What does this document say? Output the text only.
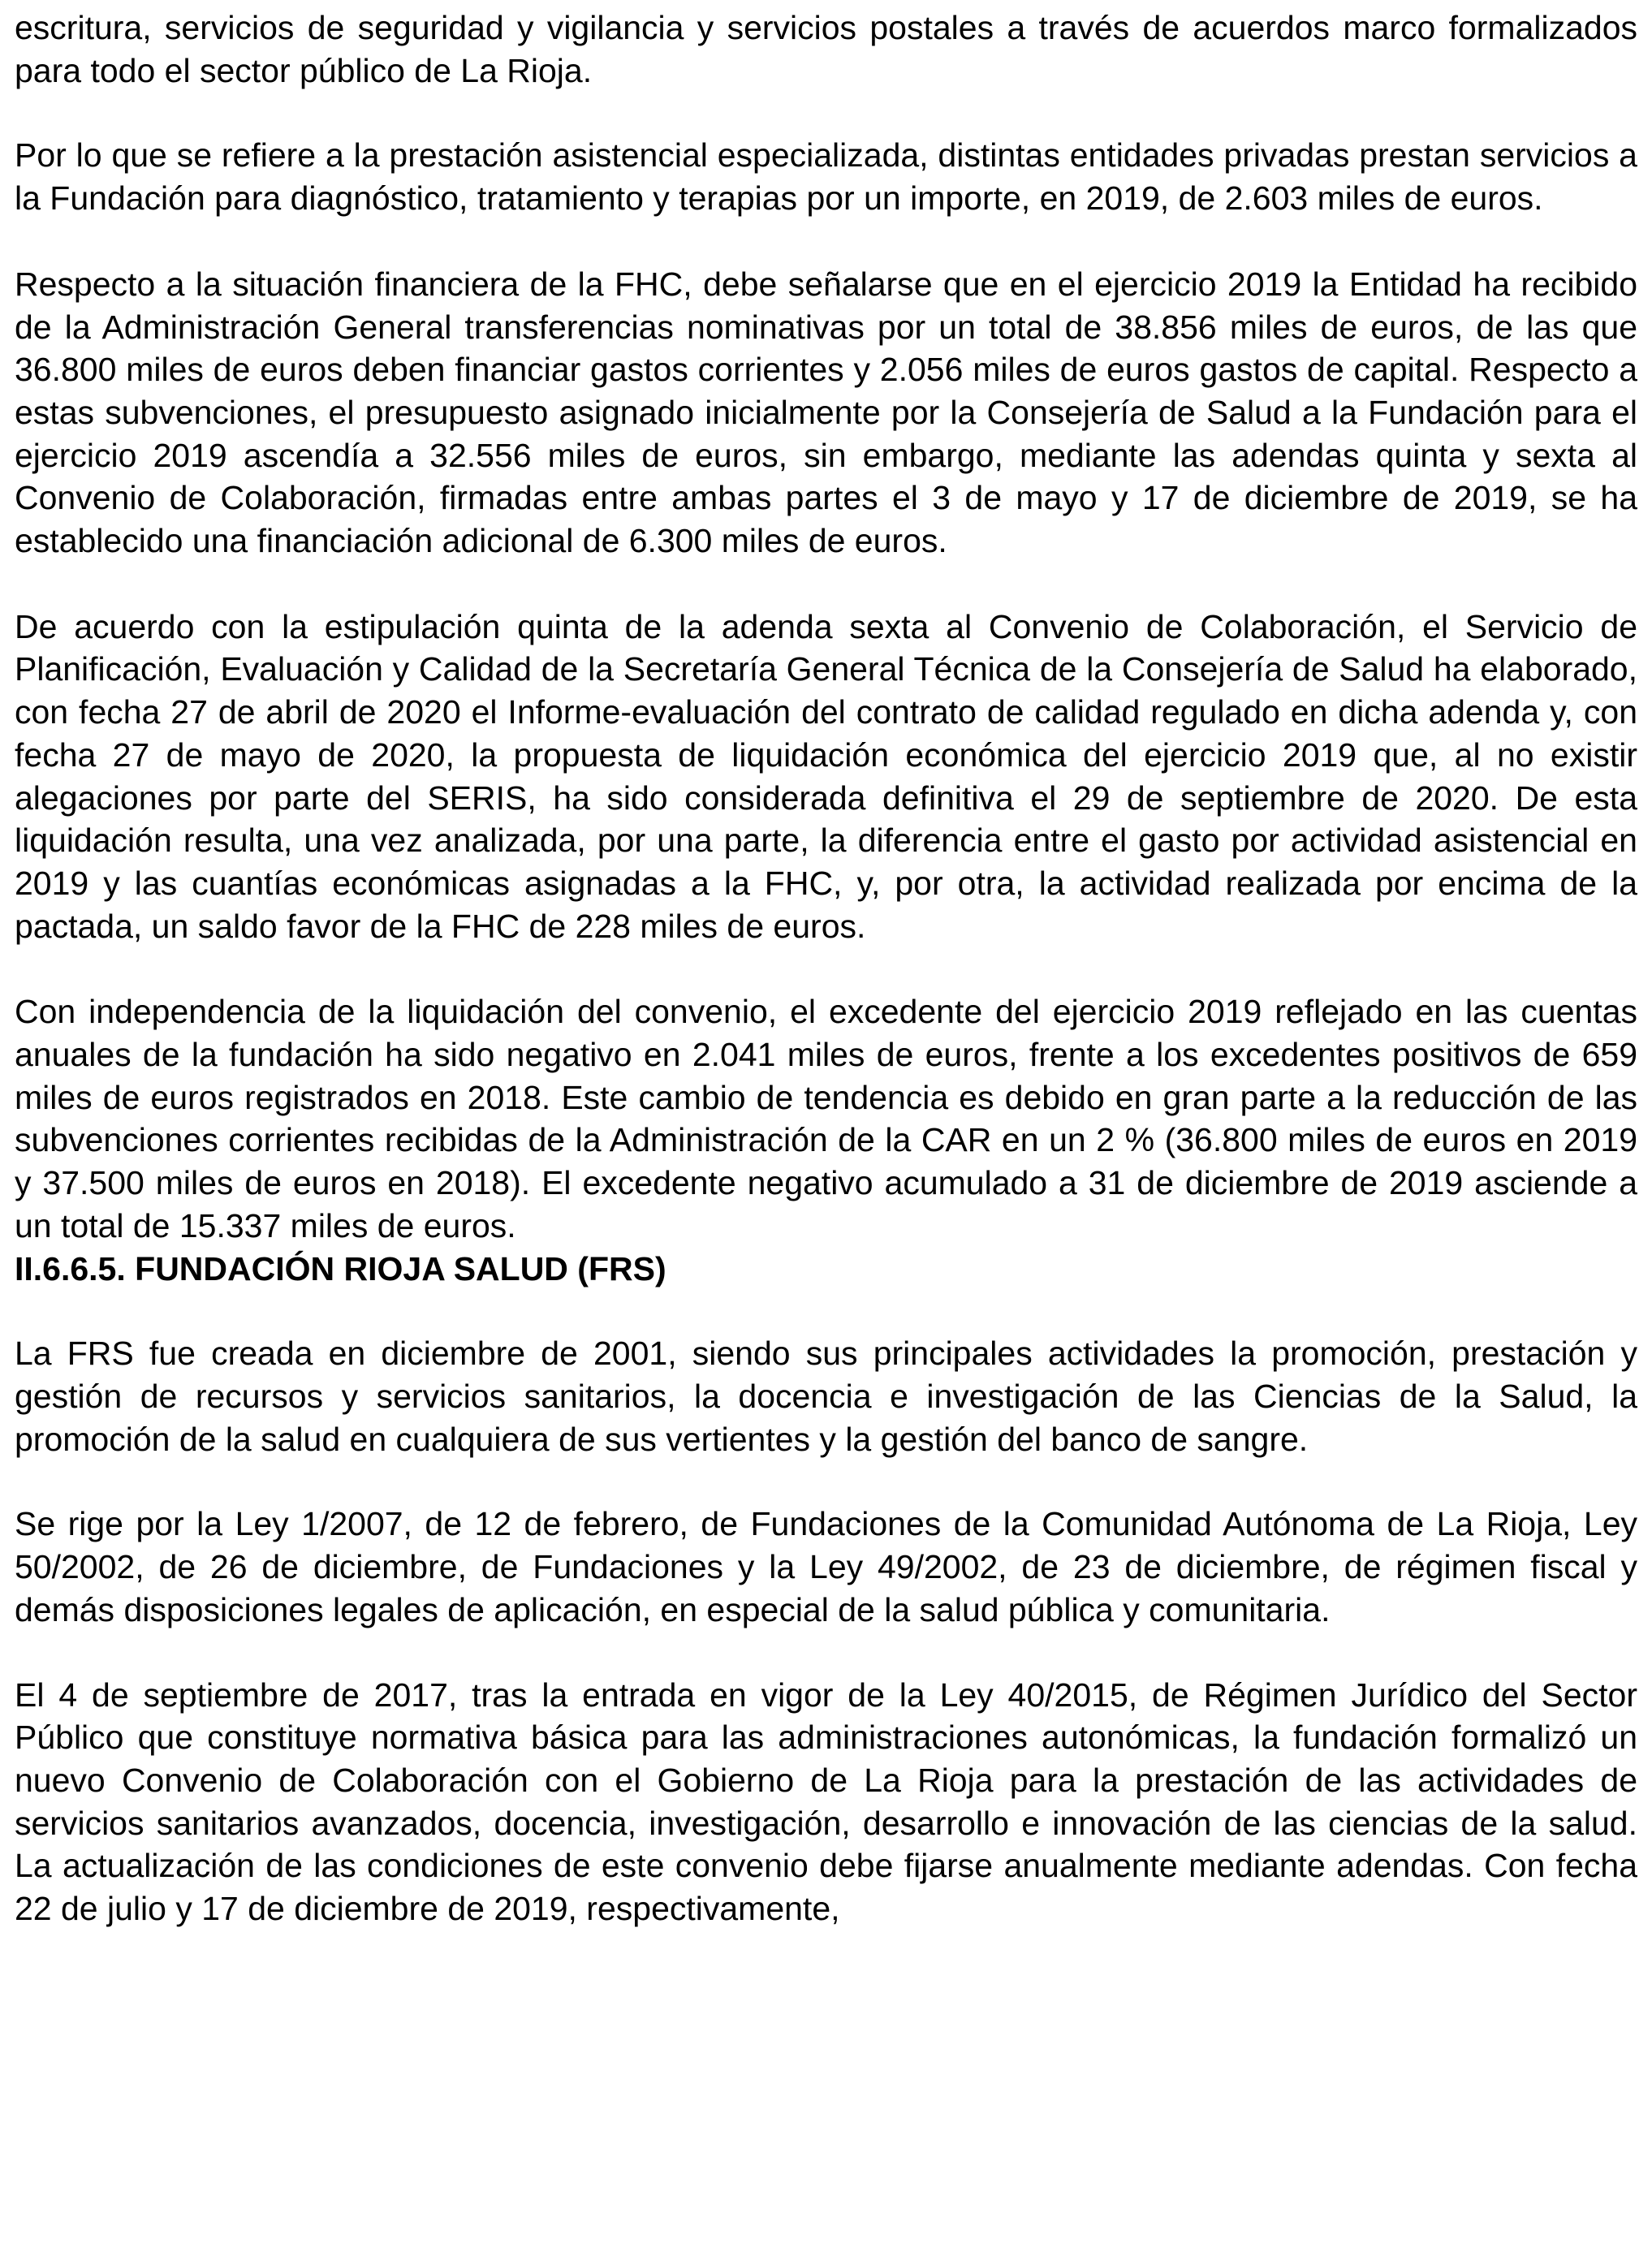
escritura, servicios de seguridad y vigilancia y servicios postales a través de acuerdos marco formalizados para todo el sector público de La Rioja.

Por lo que se refiere a la prestación asistencial especializada, distintas entidades privadas prestan servicios a la Fundación para diagnóstico, tratamiento y terapias por un importe, en 2019, de 2.603 miles de euros.

Respecto a la situación financiera de la FHC, debe señalarse que en el ejercicio 2019 la Entidad ha recibido de la Administración General transferencias nominativas por un total de 38.856 miles de euros, de las que 36.800 miles de euros deben financiar gastos corrientes y 2.056 miles de euros gastos de capital. Respecto a estas subvenciones, el presupuesto asignado inicialmente por la Consejería de Salud a la Fundación para el ejercicio 2019 ascendía a 32.556 miles de euros, sin embargo, mediante las adendas quinta y sexta al Convenio de Colaboración, firmadas entre ambas partes el 3 de mayo y 17 de diciembre de 2019, se ha establecido una financiación adicional de 6.300 miles de euros.

De acuerdo con la estipulación quinta de la adenda sexta al Convenio de Colaboración, el Servicio de Planificación, Evaluación y Calidad de la Secretaría General Técnica de la Consejería de Salud ha elaborado, con fecha 27 de abril de 2020 el Informe-evaluación del contrato de calidad regulado en dicha adenda y, con fecha 27 de mayo de 2020, la propuesta de liquidación económica del ejercicio 2019 que, al no existir alegaciones por parte del SERIS, ha sido considerada definitiva el 29 de septiembre de 2020. De esta liquidación resulta, una vez analizada, por una parte, la diferencia entre el gasto por actividad asistencial en 2019 y las cuantías económicas asignadas a la FHC, y, por otra, la actividad realizada por encima de la pactada, un saldo favor de la FHC de 228 miles de euros.

Con independencia de la liquidación del convenio, el excedente del ejercicio 2019 reflejado en las cuentas anuales de la fundación ha sido negativo en 2.041 miles de euros, frente a los excedentes positivos de 659 miles de euros registrados en 2018. Este cambio de tendencia es debido en gran parte a la reducción de las subvenciones corrientes recibidas de la Administración de la CAR en un 2 % (36.800 miles de euros en 2019 y 37.500 miles de euros en 2018). El excedente negativo acumulado a 31 de diciembre de 2019 asciende a un total de 15.337 miles de euros.

II.6.6.5. FUNDACIÓN RIOJA SALUD (FRS)

La FRS fue creada en diciembre de 2001, siendo sus principales actividades la promoción, prestación y gestión de recursos y servicios sanitarios, la docencia e investigación de las Ciencias de la Salud, la promoción de la salud en cualquiera de sus vertientes y la gestión del banco de sangre.

Se rige por la Ley 1/2007, de 12 de febrero, de Fundaciones de la Comunidad Autónoma de La Rioja, Ley 50/2002, de 26 de diciembre, de Fundaciones y la Ley 49/2002, de 23 de diciembre, de régimen fiscal y demás disposiciones legales de aplicación, en especial de la salud pública y comunitaria.

El 4 de septiembre de 2017, tras la entrada en vigor de la Ley 40/2015, de Régimen Jurídico del Sector Público que constituye normativa básica para las administraciones autonómicas, la fundación formalizó un nuevo Convenio de Colaboración con el Gobierno de La Rioja para la prestación de las actividades de servicios sanitarios avanzados, docencia, investigación, desarrollo e innovación de las ciencias de la salud. La actualización de las condiciones de este convenio debe fijarse anualmente mediante adendas. Con fecha 22 de julio y 17 de diciembre de 2019, respectivamente,
